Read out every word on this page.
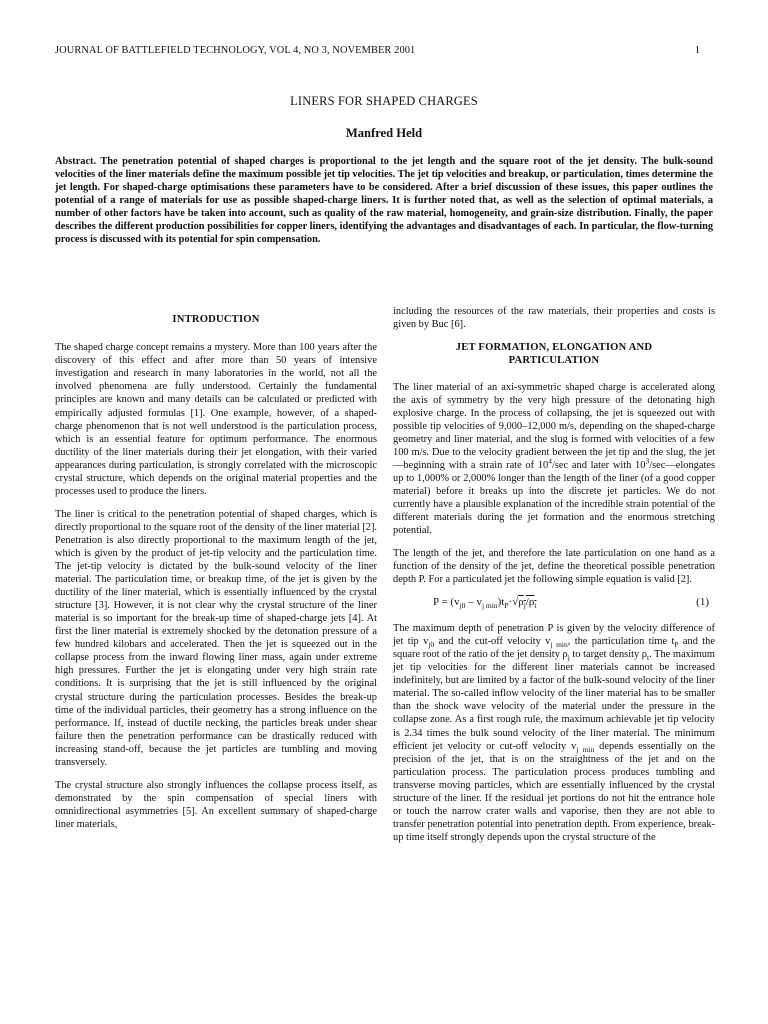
JOURNAL OF BATTLEFIELD TECHNOLOGY, VOL 4, NO 3, NOVEMBER 2001	1
LINERS FOR SHAPED CHARGES
Manfred Held
Abstract. The penetration potential of shaped charges is proportional to the jet length and the square root of the jet density. The bulk-sound velocities of the liner materials define the maximum possible jet tip velocities. The jet tip velocities and breakup, or particulation, times determine the jet length. For shaped-charge optimisations these parameters have to be considered. After a brief discussion of these issues, this paper outlines the potential of a range of materials for use as possible shaped-charge liners. It is further noted that, as well as the selection of optimal materials, a number of other factors have be taken into account, such as quality of the raw material, homogeneity, and grain-size distribution. Finally, the paper describes the different production possibilities for copper liners, identifying the advantages and disadvantages of each. In particular, the flow-turning process is discussed with its potential for spin compensation.
INTRODUCTION

The shaped charge concept remains a mystery. More than 100 years after the discovery of this effect and after more than 50 years of intensive investigation and research in many laboratories in the world, not all the involved phenomena are fully understood. Certainly the fundamental principles are known and many details can be calculated or predicted with empirically adjusted formulas [1]. One example, however, of a shaped-charge phenomenon that is not well understood is the particulation process, which is an essential feature for optimum performance. The enormous ductility of the liner materials during their jet elongation, with their varied appearances during particulation, is strongly correlated with the microscopic crystal structure, which depends on the original material properties and the processes used to produce the liners.

The liner is critical to the penetration potential of shaped charges, which is directly proportional to the square root of the density of the liner material [2]. Penetration is also directly proportional to the maximum length of the jet, which is given by the product of jet-tip velocity and the particulation time. The jet-tip velocity is dictated by the bulk-sound velocity of the liner material. The particulation time, or breakup time, of the jet is given by the ductility of the liner material, which is essentially influenced by the crystal structure [3]. However, it is not clear why the crystal structure of the liner material is so important for the break-up time of shaped-charge jets [4]. At first the liner material is extremely shocked by the detonation pressure of a few hundred kilobars and accelerated. Then the jet is squeezed out in the collapse process from the inward flowing liner mass, again under extreme high pressures. Further the jet is elongating under very high strain rate conditions. It is surprising that the jet is still influenced by the original crystal structure during the particulation processes. Besides the break-up time of the individual particles, their geometry has a strong influence on the performance. If, instead of ductile necking, the particles break under shear failure then the penetration performance can be drastically reduced with increasing stand-off, because the jet particles are tumbling and moving transversely.

The crystal structure also strongly influences the collapse process itself, as demonstrated by the spin compensation of special liners with omnidirectional asymmetries [5]. An excellent summary of shaped-charge liner materials,

including the resources of the raw materials, their properties and costs is given by Buc [6].

JET FORMATION, ELONGATION AND
PARTICULATION

The liner material of an axi-symmetric shaped charge is accelerated along the axis of symmetry by the very high pressure of the detonating high explosive charge. In the process of collapsing, the jet is squeezed out with possible tip velocities of 9,000–12,000 m/s, depending on the shaped-charge geometry and liner material, and the slug is formed with velocities of a few 100 m/s. Due to the velocity gradient between the jet tip and the slug, the jet—beginning with a strain rate of $10^4/\sec$ and later with $10^3/\sec—elongates$ up to 1,000% or 2,000% longer than the length of the liner (of a good copper material) before it breaks up into the discrete jet particles. We do not currently have a plausible explanation of the incredible strain potential of the different materials during the jet formation and the enormous stretching potential.

The length of the jet, and therefore the late particulation on one hand as a function of the density of the jet, define the theoretical possible penetration depth P. For a particulated jet the following simple equation is valid [2].

$P = (v_{j0} - v_{j min})t_P\cdot√\rho_j/\rho_t$	(1)

The maximum depth of penetration P is given by the velocity difference of jet tip $v_{j0}$ and the cut-off velocity $v_{j min}$, the particulation time $t_P$ and the square root of the ratio of the jet density $\rho_j$ to target density $\rho_t$. The maximum jet tip velocities for the different liner materials cannot be increased indefinitely, but are limited by a factor of the bulk-sound velocity of the liner material. The so-called inflow velocity of the liner material has to be smaller than the shock wave velocity of the material under the pressure in the collapse zone. As a first rough rule, the maximum achievable jet tip velocity is 2.34 times the bulk sound velocity of the liner material. The minimum efficient jet velocity or cut-off velocity $v_{j min}$ depends essentially on the precision of the jet, that is on the straightness of the jet and on the particulation process. The particulation process produces tumbling and transverse moving particles, which are essentially influenced by the crystal structure of the liner. If the residual jet portions do not hit the entrance hole or touch the narrow crater walls and vaporise, then they are not able to transfer penetration potential into penetration depth. From experience, break-up time itself strongly depends upon the crystal structure of the
